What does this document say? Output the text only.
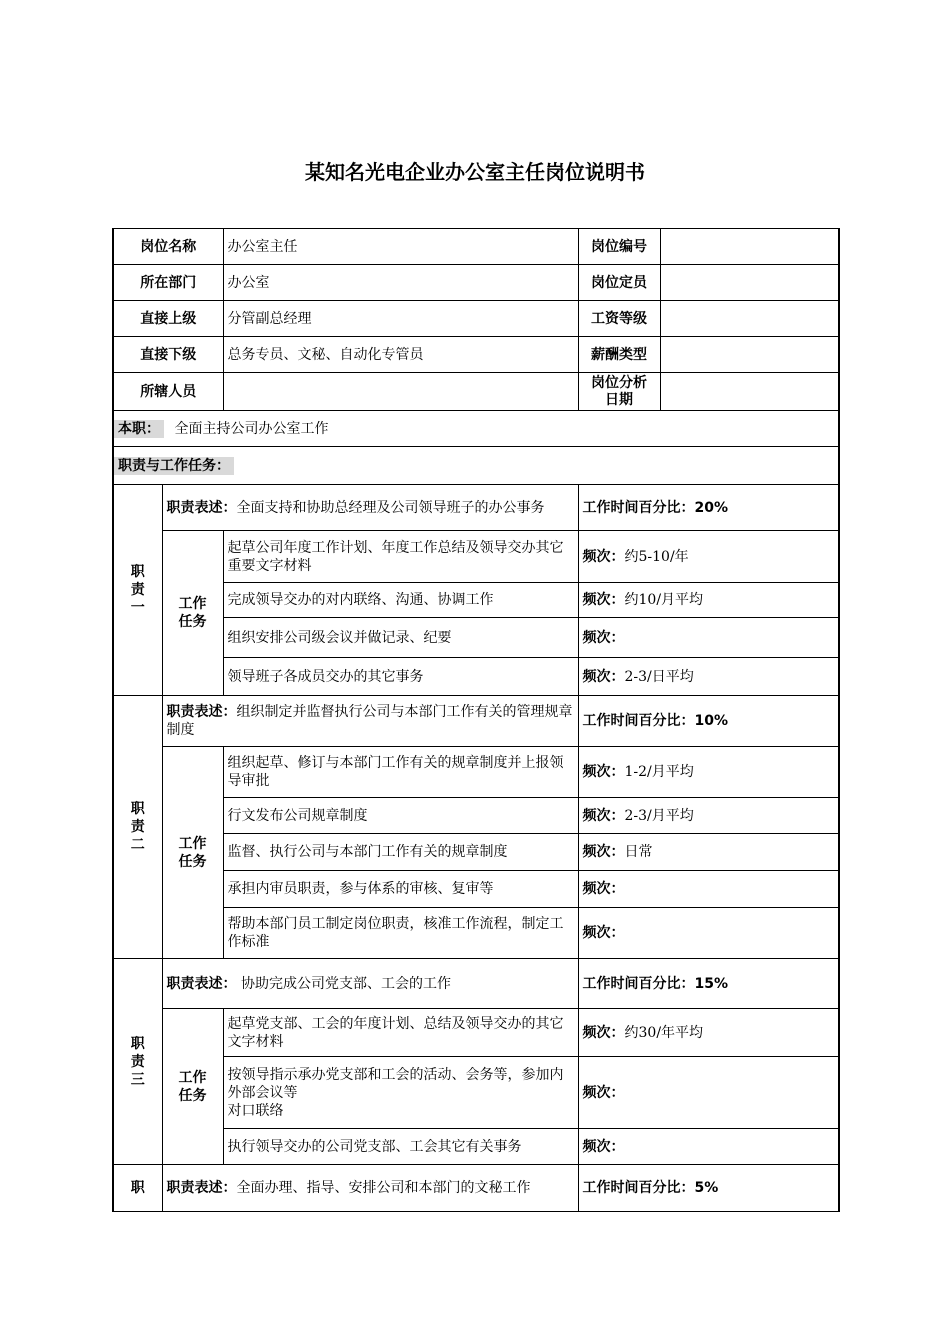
某知名光电企业办公室主任岗位说明书
岗位名称		办公室主任	岗位编号	
所在部门		办公室	岗位定员	
直接上级		分管副总经理	工资等级	
直接下级		总务专员、文秘、自动化专管员	薪酬类型	
所辖人员			岗位分析
日期	

本职： 全面主持公司办公室工作				
职责与工作任务：				

职
责
一	职责表述：全面支持和协助总经理及公司领导班子的办公事务		工作时间百分比：20%	

	工作
任务	起草公司年度工作计划、年度工作总结及领导交办其它重要文字材料	频次：约5-10/年	
		完成领导交办的对内联络、沟通、协调工作	频次：约10/月平均	
		组织安排公司级会议并做记录、纪要	频次：	
		领导班子各成员交办的其它事务	频次：2-3/日平均	

职
责
二	职责表述：组织制定并监督执行公司与本部门工作有关的管理规章制度		工作时间百分比：10%	

	工作
任务	组织起草、修订与本部门工作有关的规章制度并上报领导审批	频次：1-2/月平均	
		行文发布公司规章制度	频次：2-3/月平均	
		监督、执行公司与本部门工作有关的规章制度	频次：日常	
		承担内审员职责，参与体系的审核、复审等	频次：	
		帮助本部门员工制定岗位职责，核准工作流程，制定工作标准	频次：	

职
责
三	职责表述： 协助完成公司党支部、工会的工作		工作时间百分比：15%	

	工作
任务	起草党支部、工会的年度计划、总结及领导交办的其它文字材料	频次：约30/年平均	

		按领导指示承办党支部和工会的活动、会务等，参加内外部会议等
对口联络	频次：	
		执行领导交办的公司党支部、工会其它有关事务	频次：	
职	职责表述：全面办理、指导、安排公司和本部门的文秘工作		工作时间百分比：5%	
